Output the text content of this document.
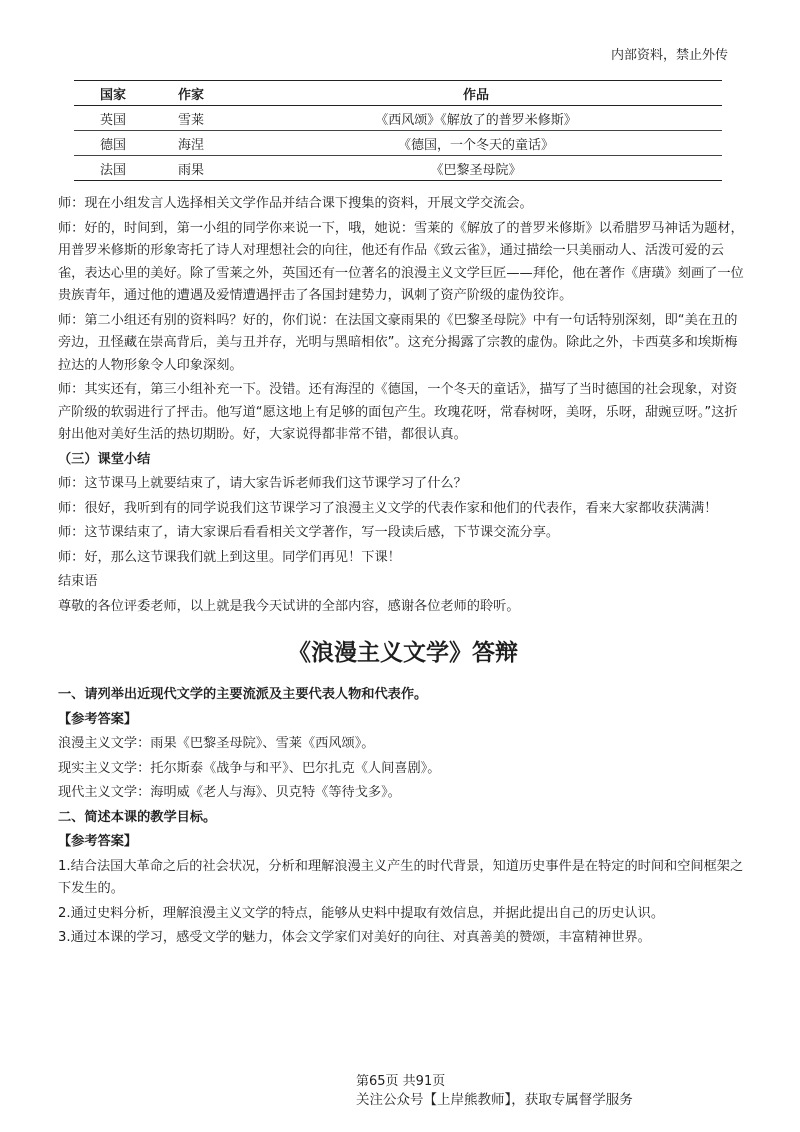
内部资料，禁止外传
国家	作家	作品
英国	雪莱	《西风颂》《解放了的普罗米修斯》
德国	海涅	《德国，一个冬天的童话》
法国	雨果	《巴黎圣母院》

师：现在小组发言人选择相关文学作品并结合课下搜集的资料，开展文学交流会。

师：好的，时间到，第一小组的同学你来说一下，哦，她说：雪莱的《解放了的普罗米修斯》以希腊罗马神话为题材，用普罗米修斯的形象寄托了诗人对理想社会的向往，他还有作品《致云雀》，通过描绘一只美丽动人、活泼可爱的云雀，表达心里的美好。除了雪莱之外，英国还有一位著名的浪漫主义文学巨匠——拜伦，他在著作《唐璜》刻画了一位贵族青年，通过他的遭遇及爱情遭遇抨击了各国封建势力，讽刺了资产阶级的虚伪狡诈。

师：第二小组还有别的资料吗？好的，你们说：在法国文豪雨果的《巴黎圣母院》中有一句话特别深刻，即“美在丑的旁边，丑怪藏在崇高背后，美与丑并存，光明与黑暗相依”。这充分揭露了宗教的虚伪。除此之外，卡西莫多和埃斯梅拉达的人物形象令人印象深刻。

师：其实还有，第三小组补充一下。没错。还有海涅的《德国，一个冬天的童话》，描写了当时德国的社会现象，对资产阶级的软弱进行了抨击。他写道“愿这地上有足够的面包产生。玫瑰花呀，常春树呀，美呀，乐呀，甜豌豆呀。”这折射出他对美好生活的热切期盼。好，大家说得都非常不错，都很认真。

（三）课堂小结

师：这节课马上就要结束了，请大家告诉老师我们这节课学习了什么？

师：很好，我听到有的同学说我们这节课学习了浪漫主义文学的代表作家和他们的代表作，看来大家都收获满满！

师：这节课结束了，请大家课后看看相关文学著作，写一段读后感，下节课交流分享。

师：好，那么这节课我们就上到这里。同学们再见！下课！

结束语

尊敬的各位评委老师，以上就是我今天试讲的全部内容，感谢各位老师的聆听。

《浪漫主义文学》答辩

一、请列举出近现代文学的主要流派及主要代表人物和代表作。

【参考答案】

浪漫主义文学：雨果《巴黎圣母院》、雪莱《西风颂》。

现实主义文学：托尔斯泰《战争与和平》、巴尔扎克《人间喜剧》。

现代主义文学：海明威《老人与海》、贝克特《等待戈多》。

二、简述本课的教学目标。

【参考答案】

1.结合法国大革命之后的社会状况，分析和理解浪漫主义产生的时代背景，知道历史事件是在特定的时间和空间框架之下发生的。

2.通过史料分析，理解浪漫主义文学的特点，能够从史料中提取有效信息，并据此提出自己的历史认识。

3.通过本课的学习，感受文学的魅力，体会文学家们对美好的向往、对真善美的赞颂，丰富精神世界。

第65页 共91页
关注公众号【上岸熊教师】，获取专属督学服务
